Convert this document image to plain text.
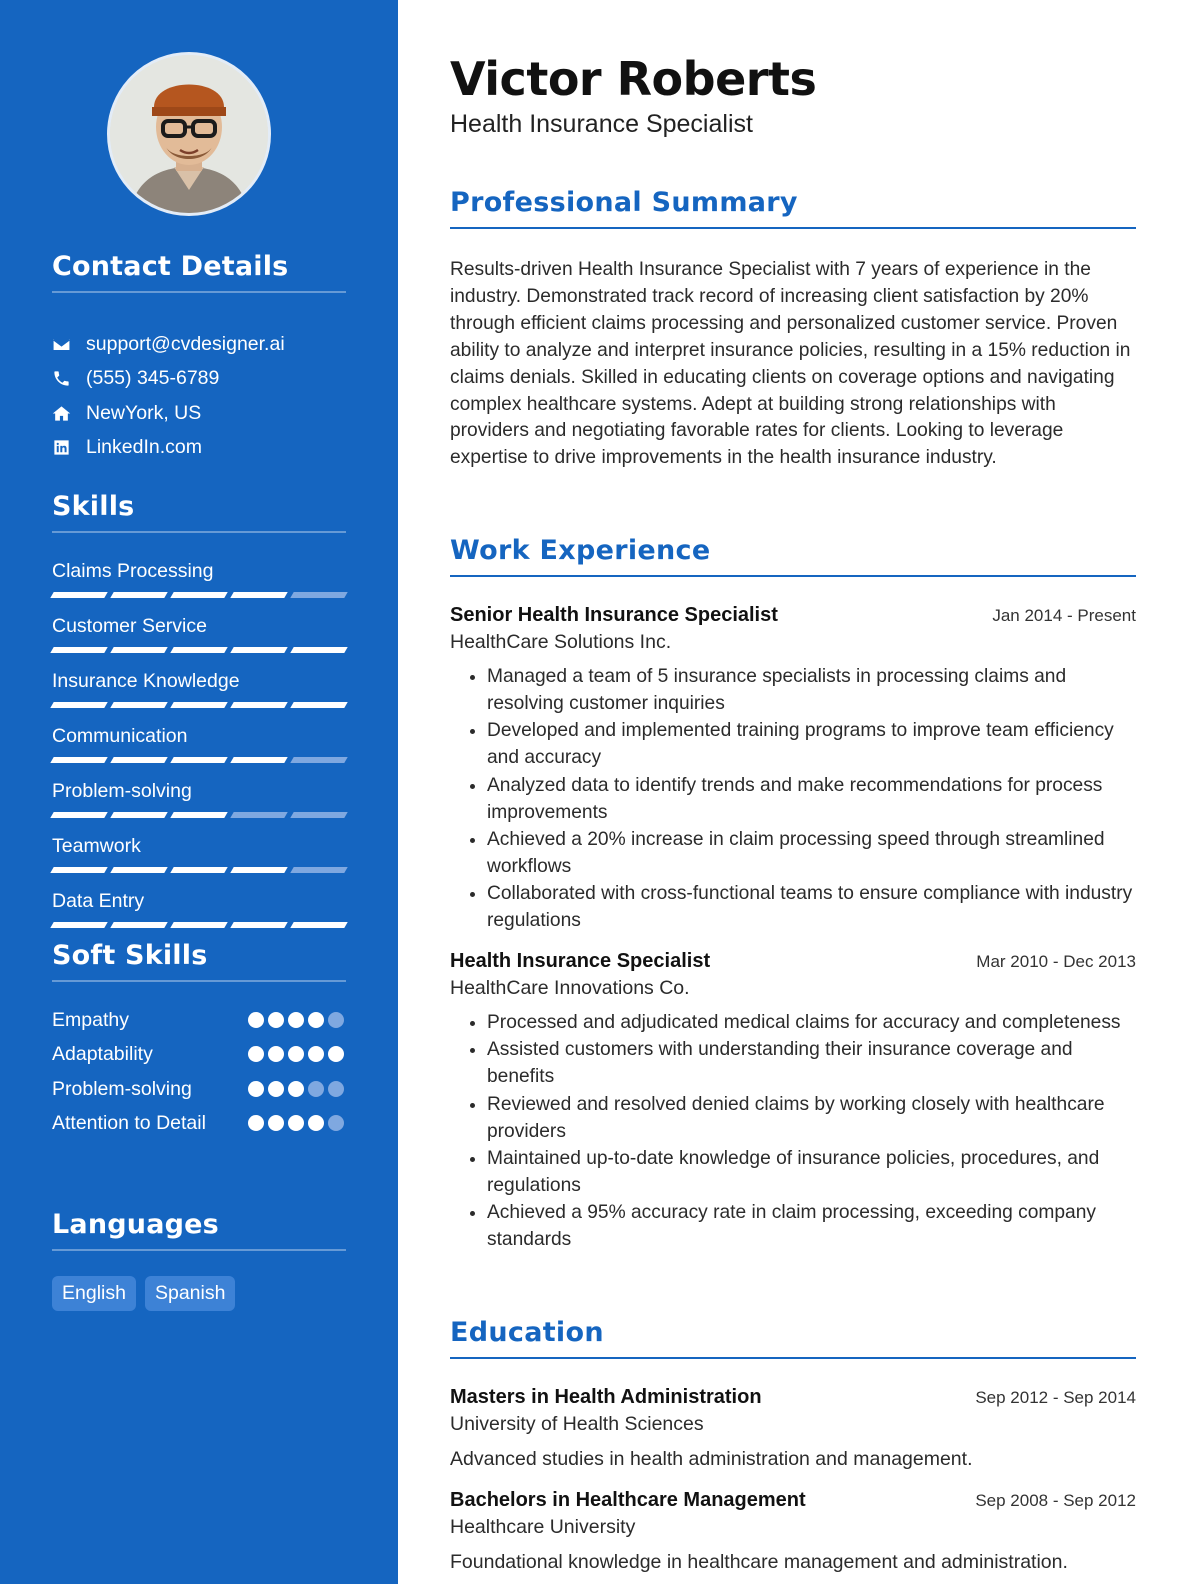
Contact Details
support@cvdesigner.ai
(555) 345-6789
NewYork, US
LinkedIn.com
Skills
Claims Processing
Customer Service
Insurance Knowledge
Communication
Problem-solving
Teamwork
Data Entry
Soft Skills
Empathy
Adaptability
Problem-solving
Attention to Detail
Languages
English	Spanish
Victor Roberts
Health Insurance Specialist
Professional Summary
Results-driven Health Insurance Specialist with 7 years of experience in the industry. Demonstrated track record of increasing client satisfaction by 20% through efficient claims processing and personalized customer service. Proven ability to analyze and interpret insurance policies, resulting in a 15% reduction in claims denials. Skilled in educating clients on coverage options and navigating complex healthcare systems. Adept at building strong relationships with providers and negotiating favorable rates for clients. Looking to leverage expertise to drive improvements in the health insurance industry.
Work Experience
Senior Health Insurance Specialist	Jan 2014 - Present
HealthCare Solutions Inc.
• Managed a team of 5 insurance specialists in processing claims and resolving customer inquiries
• Developed and implemented training programs to improve team efficiency and accuracy
• Analyzed data to identify trends and make recommendations for process improvements
• Achieved a 20% increase in claim processing speed through streamlined workflows
• Collaborated with cross-functional teams to ensure compliance with industry regulations
Health Insurance Specialist	Mar 2010 - Dec 2013
HealthCare Innovations Co.
• Processed and adjudicated medical claims for accuracy and completeness
• Assisted customers with understanding their insurance coverage and benefits
• Reviewed and resolved denied claims by working closely with healthcare providers
• Maintained up-to-date knowledge of insurance policies, procedures, and regulations
• Achieved a 95% accuracy rate in claim processing, exceeding company standards
Education
Masters in Health Administration	Sep 2012 - Sep 2014
University of Health Sciences
Advanced studies in health administration and management.
Bachelors in Healthcare Management	Sep 2008 - Sep 2012
Healthcare University
Foundational knowledge in healthcare management and administration.
